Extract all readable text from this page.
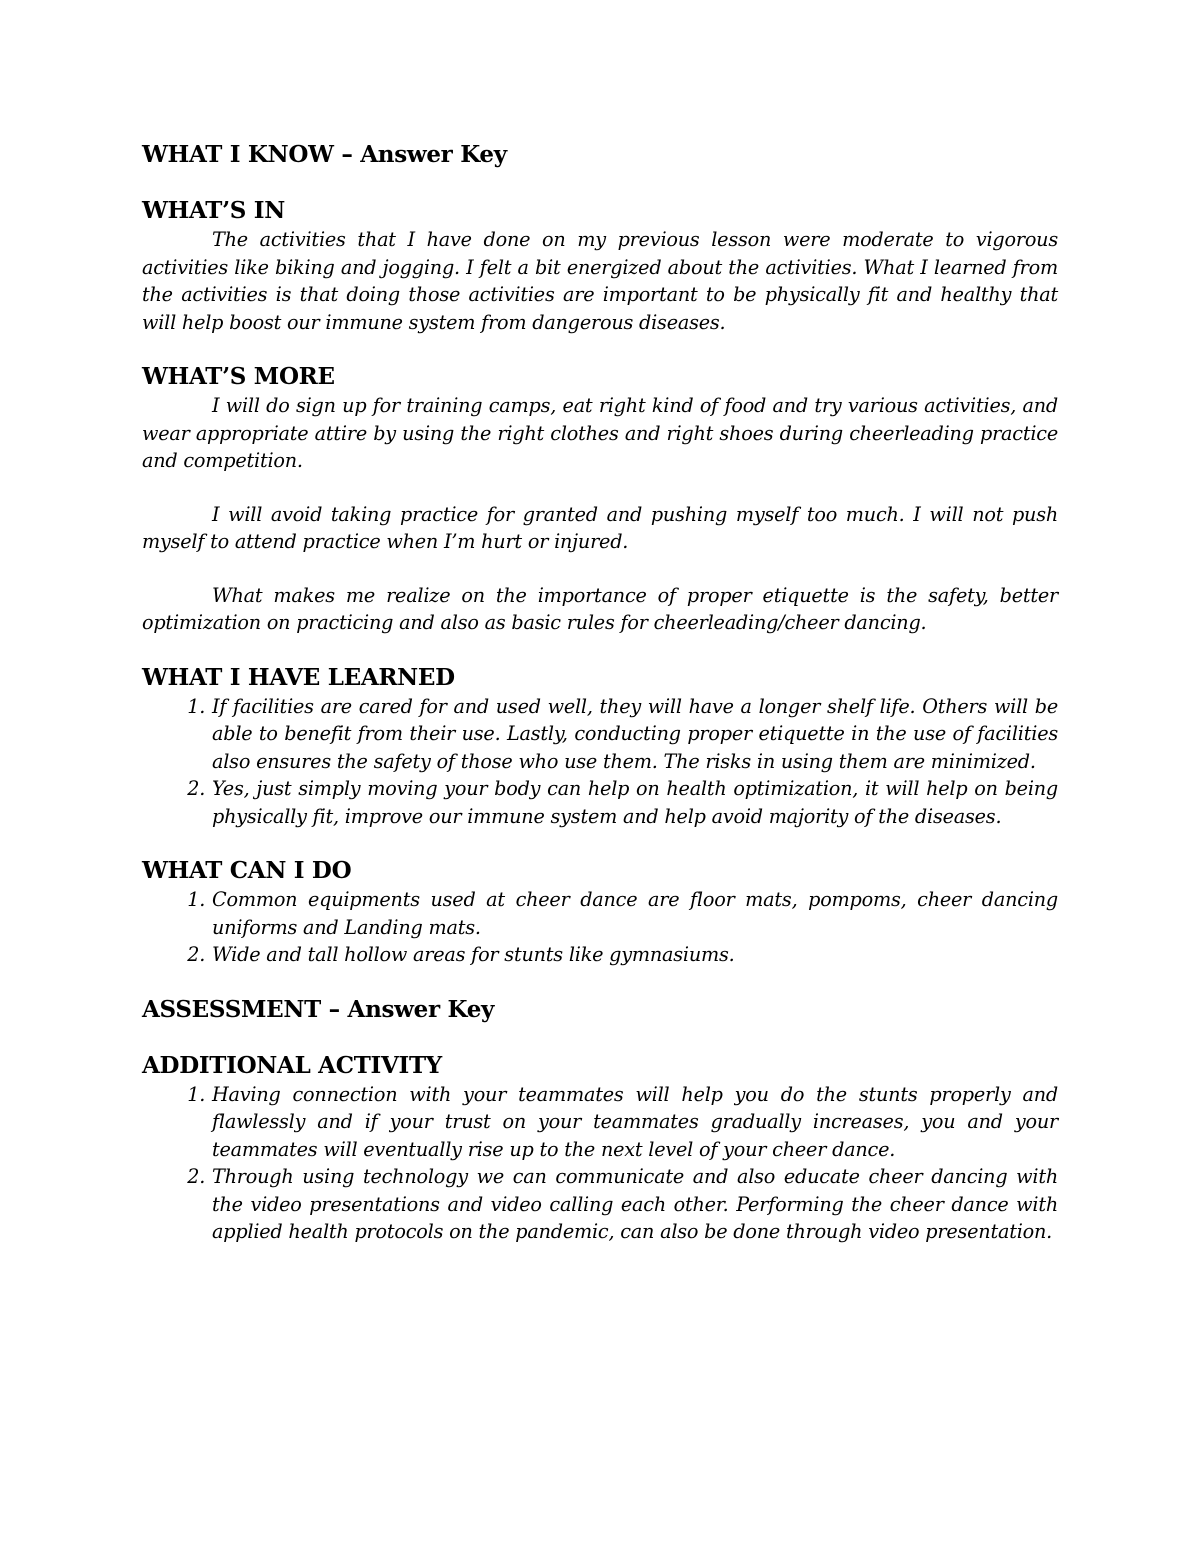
WHAT I KNOW – Answer Key
WHAT’S IN

The activities that I have done on my previous lesson were moderate to vigorous activities like biking and jogging. I felt a bit energized about the activities. What I learned from the activities is that doing those activities are important to be physically fit and healthy that will help boost our immune system from dangerous diseases.

WHAT’S MORE

I will do sign up for training camps, eat right kind of food and try various activities, and wear appropriate attire by using the right clothes and right shoes during cheerleading practice and competition.

I will avoid taking practice for granted and pushing myself too much. I will not push myself to attend practice when I’m hurt or injured.

What makes me realize on the importance of proper etiquette is the safety, better optimization on practicing and also as basic rules for cheerleading/cheer dancing.

WHAT I HAVE LEARNED
1. If facilities are cared for and used well, they will have a longer shelf life. Others will be able to benefit from their use. Lastly, conducting proper etiquette in the use of facilities also ensures the safety of those who use them. The risks in using them are minimized.
2. Yes, just simply moving your body can help on health optimization, it will help on being physically fit, improve our immune system and help avoid majority of the diseases.
WHAT CAN I DO
1. Common equipments used at cheer dance are floor mats, pompoms, cheer dancing uniforms and Landing mats.
2. Wide and tall hollow areas for stunts like gymnasiums.
ASSESSMENT – Answer Key
ADDITIONAL ACTIVITY
1. Having connection with your teammates will help you do the stunts properly and flawlessly and if your trust on your teammates gradually increases, you and your teammates will eventually rise up to the next level of your cheer dance.
2. Through using technology we can communicate and also educate cheer dancing with the video presentations and video calling each other. Performing the cheer dance with applied health protocols on the pandemic, can also be done through video presentation.
